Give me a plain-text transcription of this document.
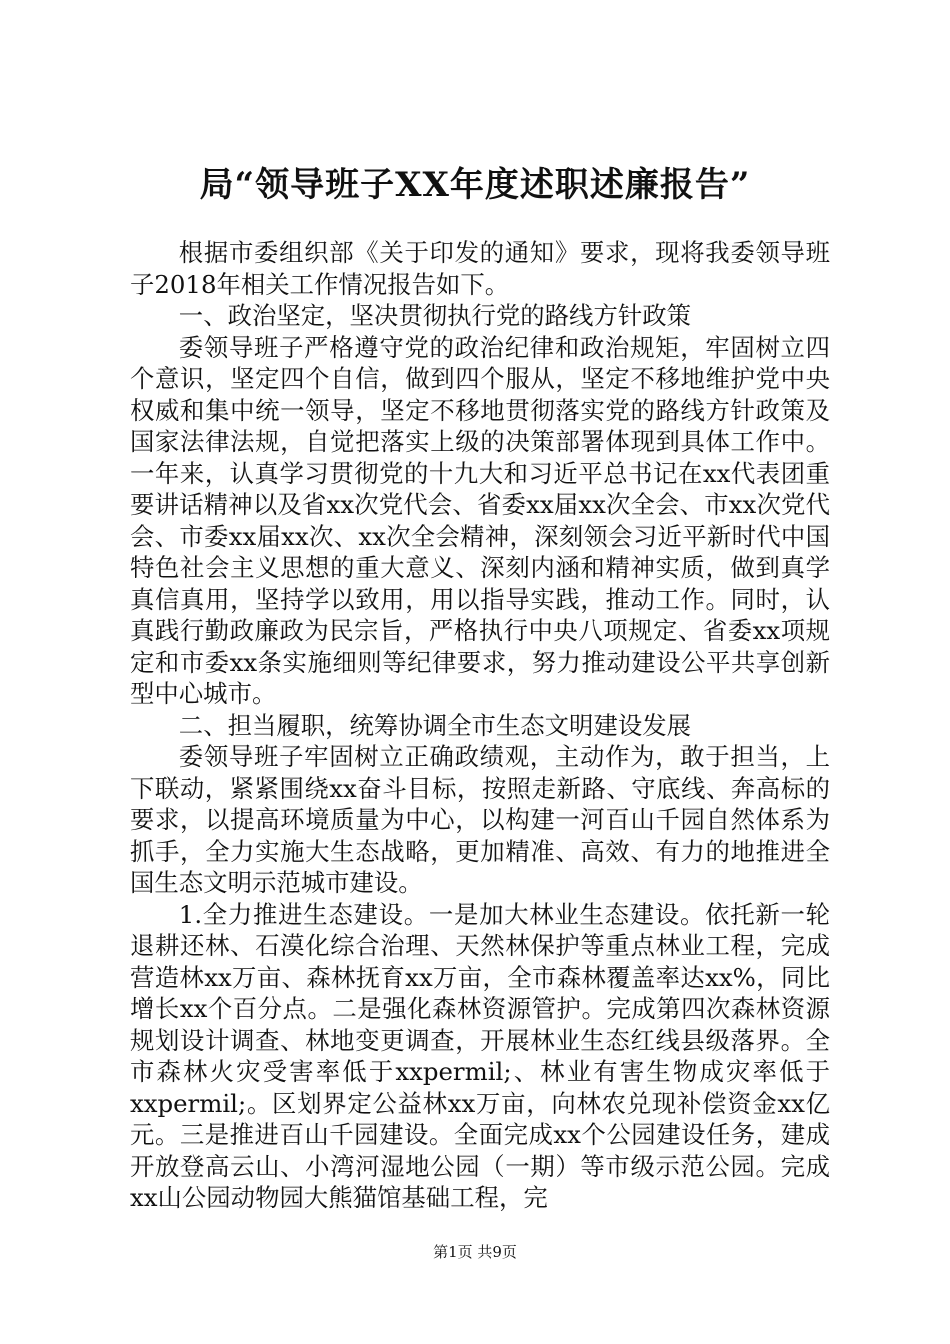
局“领导班子XX年度述职述廉报告”

根据市委组织部《关于印发的通知》要求，现将我委领导班子2018年相关工作情况报告如下。

一、政治坚定，坚决贯彻执行党的路线方针政策

委领导班子严格遵守党的政治纪律和政治规矩，牢固树立四个意识，坚定四个自信，做到四个服从，坚定不移地维护党中央权威和集中统一领导，坚定不移地贯彻落实党的路线方针政策及国家法律法规，自觉把落实上级的决策部署体现到具体工作中。一年来，认真学习贯彻党的十九大和习近平总书记在xx代表团重要讲话精神以及省xx次党代会、省委xx届xx次全会、市xx次党代会、市委xx届xx次、xx次全会精神，深刻领会习近平新时代中国特色社会主义思想的重大意义、深刻内涵和精神实质，做到真学真信真用，坚持学以致用，用以指导实践，推动工作。同时，认真践行勤政廉政为民宗旨，严格执行中央八项规定、省委xx项规定和市委xx条实施细则等纪律要求，努力推动建设公平共享创新型中心城市。

二、担当履职，统筹协调全市生态文明建设发展

委领导班子牢固树立正确政绩观，主动作为，敢于担当，上下联动，紧紧围绕xx奋斗目标，按照走新路、守底线、奔高标的要求，以提高环境质量为中心，以构建一河百山千园自然体系为抓手，全力实施大生态战略，更加精准、高效、有力的地推进全国生态文明示范城市建设。

1.全力推进生态建设。一是加大林业生态建设。依托新一轮退耕还林、石漠化综合治理、天然林保护等重点林业工程，完成营造林xx万亩、森林抚育xx万亩，全市森林覆盖率达xx%，同比增长xx个百分点。二是强化森林资源管护。完成第四次森林资源规划设计调查、林地变更调查，开展林业生态红线县级落界。全市森林火灾受害率低于xxpermil;、林业有害生物成灾率低于xxpermil;。区划界定公益林xx万亩，向林农兑现补偿资金xx亿元。三是推进百山千园建设。全面完成xx个公园建设任务，建成开放登高云山、小湾河湿地公园（一期）等市级示范公园。完成xx山公园动物园大熊猫馆基础工程，完

第1页 共9页
